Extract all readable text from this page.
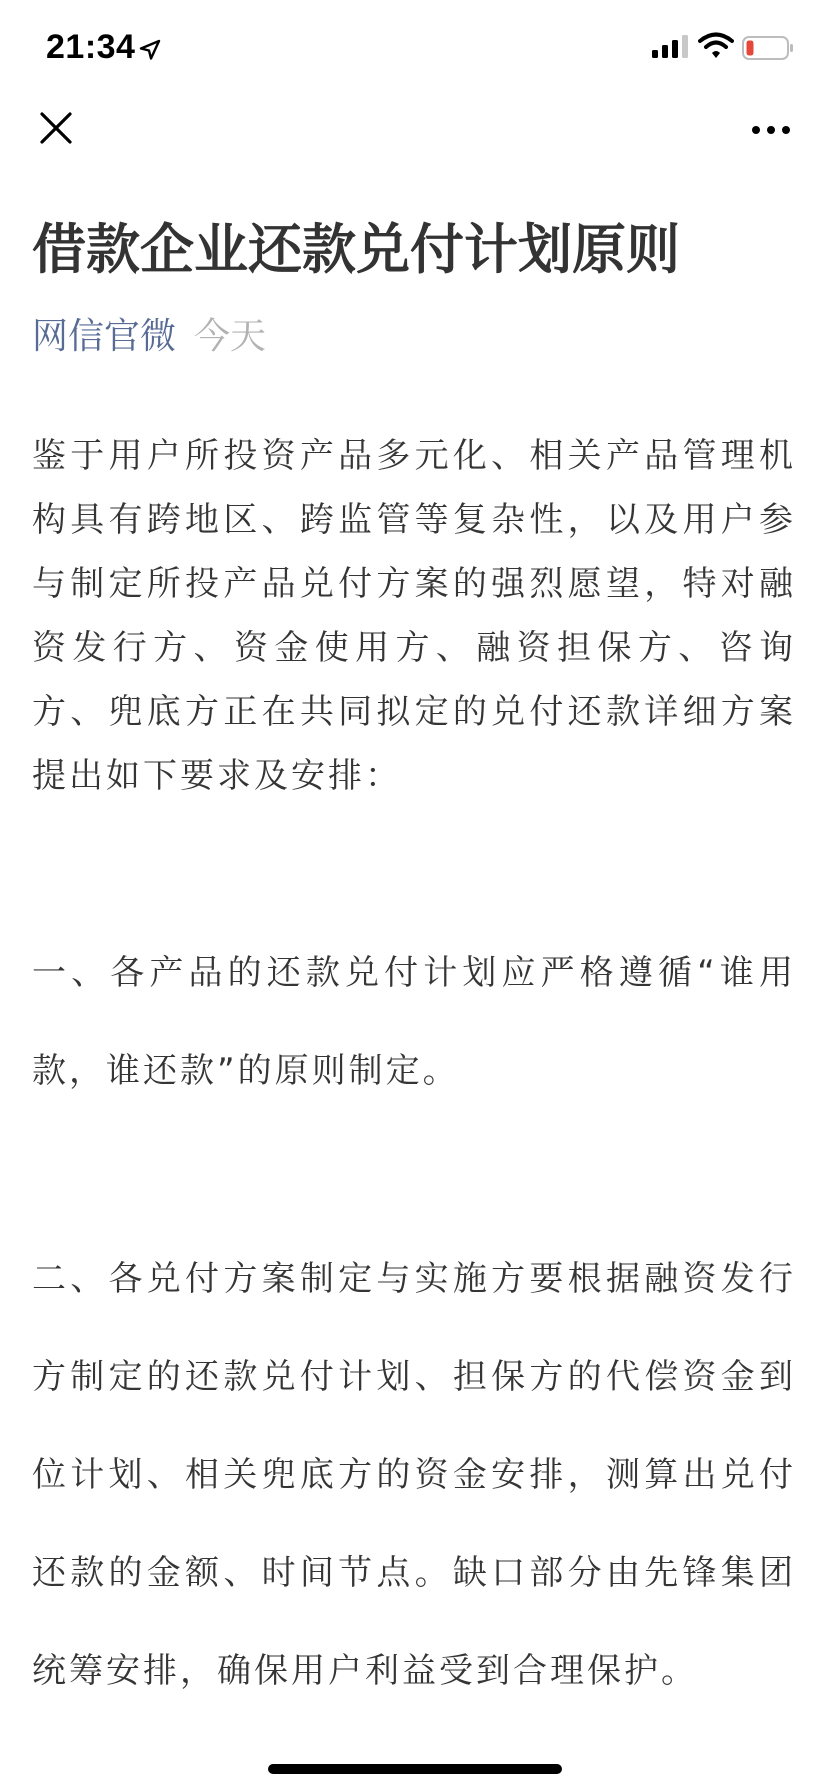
21:34
借款企业还款兑付计划原则
网信官微 今天

鉴于用户所投资产品多元化、相关产品管理机构具有跨地区、跨监管等复杂性，以及用户参与制定所投产品兑付方案的强烈愿望，特对融资发行方、资金使用方、融资担保方、咨询方、兜底方正在共同拟定的兑付还款详细方案提出如下要求及安排：

一、各产品的还款兑付计划应严格遵循“谁用款，谁还款”的原则制定。

二、各兑付方案制定与实施方要根据融资发行方制定的还款兑付计划、担保方的代偿资金到位计划、相关兜底方的资金安排，测算出兑付还款的金额、时间节点。缺口部分由先锋集团统筹安排，确保用户利益受到合理保护。
